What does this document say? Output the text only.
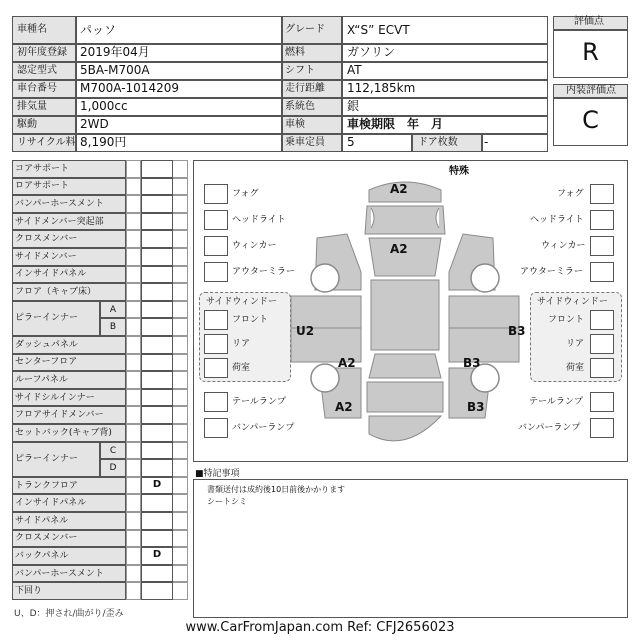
車種名	パッソ	グレード X“S” ECVT
初年度登録 2019年04月	燃料	ガソリン
認定型式 5BA-M700A	シフト	AT
車台番号 M700A-1014209	走行距離 112,185km
排気量	1,000cc	系統色	銀
駆動	2WD	車検	車検期限　年　月
リサイクル料 8,190円	乗車定員 5	ドア枚数 -
評価点
R
内装評価点
C
コアサポート
ロアサポート
バンパーホースメント
サイドメンバー突起部
クロスメンバー
サイドメンバー
インサイドパネル
フロア（キャブ床）
ピラーインナー
A
B
ダッシュパネル
センターフロア
ルーフパネル
サイドシルインナー
フロアサイドメンバー
セットバック(キャブ背)
ピラーインナー
C
D
トランクフロア	D
インサイドパネル
サイドパネル
クロスメンバー
バックパネル	D
バンパーホースメント
下回り
U、D：押され/曲がり/歪み
特殊
フォグ
ヘッドライト
ウィンカー
アウターミラー
フォグ
ヘッドライト
ウィンカー
アウターミラー
サイドウィンドー
フロント
リア
荷室
サイドウィンドー
フロント
リア
荷室
テールランプ
バンパーランプ
テールランプ
バンパーランプ
A2
A2
U2
A2
A2
B3
B3
B3
■特記事項
書類送付は成約後10日前後かかります
シートシミ
www.CarFromJapan.com Ref: CFJ2656023
